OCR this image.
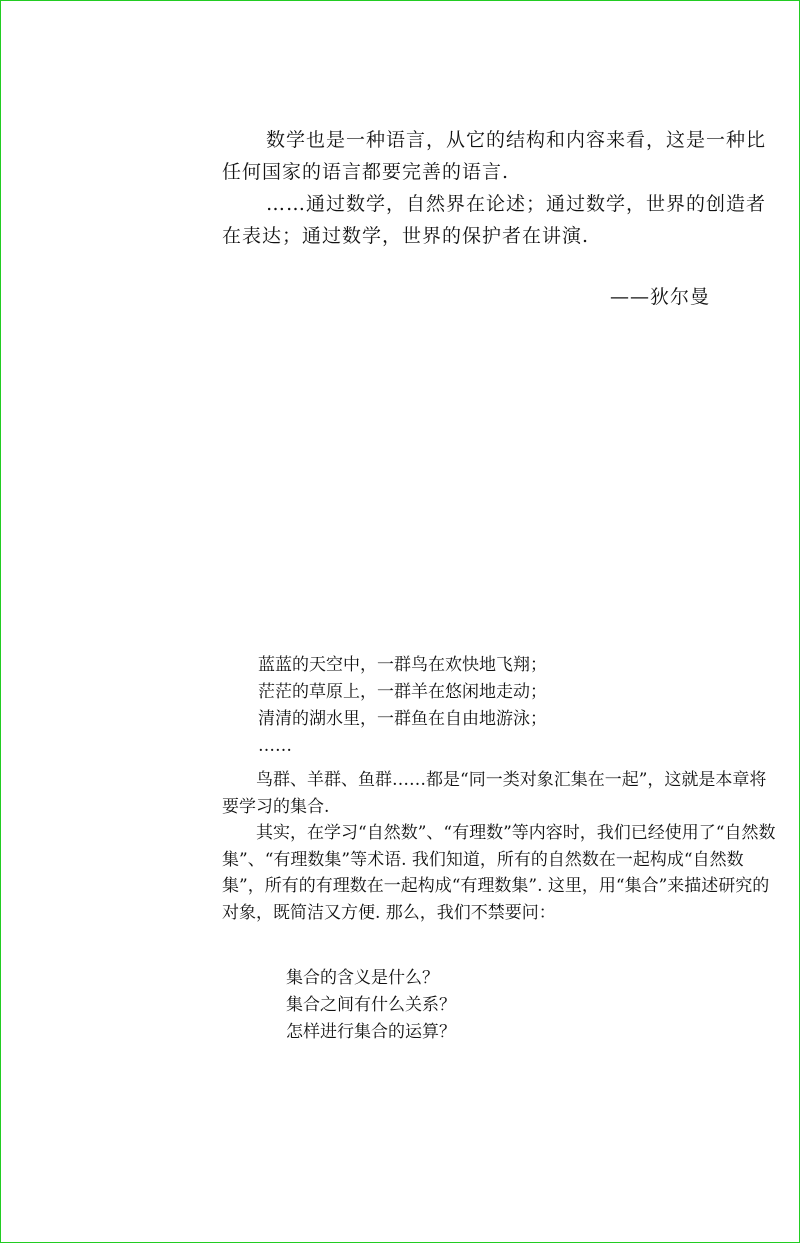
数学也是一种语言，从它的结构和内容来看，这是一种比任何国家的语言都要完善的语言.

……通过数学，自然界在论述；通过数学，世界的创造者在表达；通过数学，世界的保护者在讲演.

——狄尔曼
蓝蓝的天空中，一群鸟在欢快地飞翔；
茫茫的草原上，一群羊在悠闲地走动；
清清的湖水里，一群鱼在自由地游泳；
……

鸟群、羊群、鱼群……都是“同一类对象汇集在一起”，这就是本章将要学习的集合.

其实，在学习“自然数”、“有理数”等内容时，我们已经使用了“自然数集”、“有理数集”等术语. 我们知道，所有的自然数在一起构成“自然数集”，所有的有理数在一起构成“有理数集”. 这里，用“集合”来描述研究的对象，既简洁又方便. 那么，我们不禁要问：

集合的含义是什么？
集合之间有什么关系？
怎样进行集合的运算？
